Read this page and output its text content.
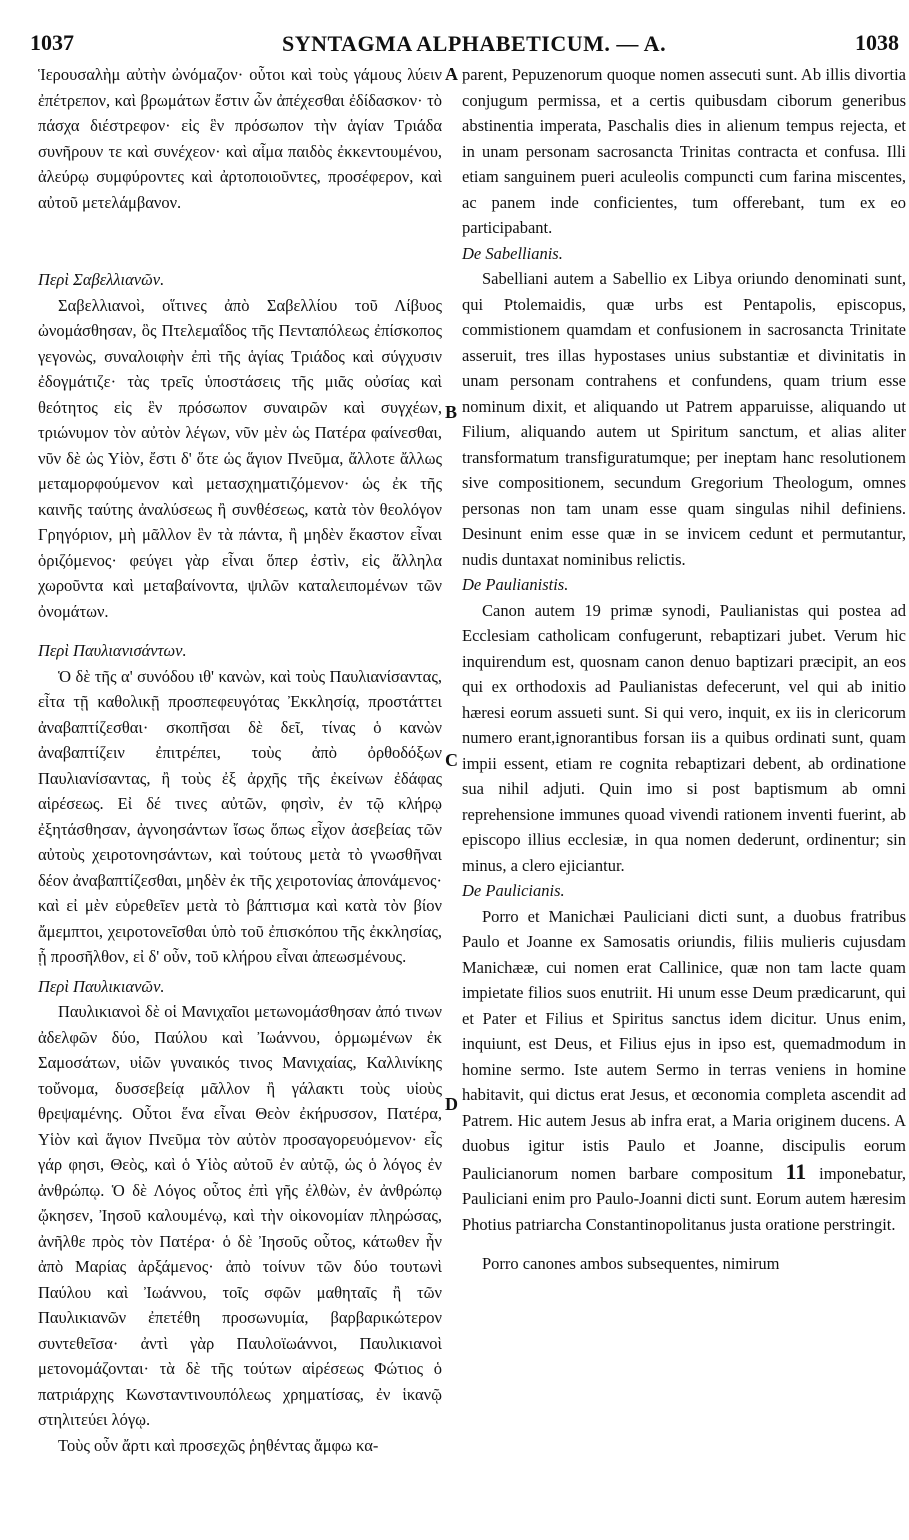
1037	SYNTAGMA ALPHABETICUM. — A.	1038

Ἱερουσαλὴμ αὐτὴν ὠνόμαζον· οὗτοι καὶ τοὺς γάμους λύειν ἐπέτρεπον, καὶ βρωμάτων ἔστιν ὧν ἀπέχεσθαι ἐδίδασκον· τὸ πάσχα διέστρεφον· εἰς ἓν πρόσωπον τὴν ἁγίαν Τριάδα συνῆρουν τε καὶ συνέχεον· καὶ αἷμα παιδὸς ἐκκεντουμένου, ἀλεύρῳ συμφύροντες καὶ ἀρτοποιοῦντες, προσέφερον, καὶ αὐτοῦ μετελάμβανον.

Περὶ Σαβελλιανῶν.

Σαβελλιανοὶ, οἵτινες ἀπὸ Σαβελλίου τοῦ Λίβυος ὠνομάσθησαν, ὃς Πτελεμαΐδος τῆς Πενταπόλεως ἐπίσκοπος γεγονὼς, συναλοιφὴν ἐπὶ τῆς ἁγίας Τριάδος καὶ σύγχυσιν ἐδογμάτιζε· τὰς τρεῖς ὑποστάσεις τῆς μιᾶς οὐσίας καὶ θεότητος εἰς ἓν πρόσωπον συναιρῶν καὶ συγχέων, τριώνυμον τὸν αὐτὸν λέγων, νῦν μὲν ὡς Πατέρα φαίνεσθαι, νῦν δὲ ὡς Υἱὸν, ἔστι δ' ὅτε ὡς ἅγιον Πνεῦμα, ἄλλοτε ἄλλως μεταμορφούμενον καὶ μετασχηματιζόμενον· ὡς ἐκ τῆς καινῆς ταύτης ἀναλύσεως ἢ συνθέσεως, κατὰ τὸν θεολόγον Γρηγόριον, μὴ μᾶλλον ἓν τὰ πάντα, ἢ μηδὲν ἕκαστον εἶναι ὁριζόμενος· φεύγει γὰρ εἶναι ὅπερ ἐστὶν, εἰς ἄλληλα χωροῦντα καὶ μεταβαίνοντα, ψιλῶν καταλειπομένων τῶν ὀνομάτων.

Περὶ Παυλιανισάντων.

Ὁ δὲ τῆς α' συνόδου ιθ' κανὼν, καὶ τοὺς Παυλιανίσαντας, εἶτα τῇ καθολικῇ προσπεφευγότας Ἐκκλησίᾳ, προστάττει ἀναβαπτίζεσθαι· σκοπῆσαι δὲ δεῖ, τίνας ὁ κανὼν ἀναβαπτίζειν ἐπιτρέπει, τοὺς ἀπὸ ὀρθοδόξων Παυλιανίσαντας, ἢ τοὺς ἐξ ἀρχῆς τῆς ἐκείνων ἐδάφας αἱρέσεως. Εἰ δέ τινες αὐτῶν, φησὶν, ἐν τῷ κλήρῳ ἐξητάσθησαν, ἀγνοησάντων ἴσως ὅπως εἶχον ἀσεβείας τῶν αὐτοὺς χειροτονησάντων, καὶ τούτους μετὰ τὸ γνωσθῆναι δέον ἀναβαπτίζεσθαι, μηδὲν ἐκ τῆς χειροτονίας ἀπονάμενος· καὶ εἰ μὲν εὑρεθεῖεν μετὰ τὸ βάπτισμα καὶ κατὰ τὸν βίον ἄμεμπτοι, χειροτονεῖσθαι ὑπὸ τοῦ ἐπισκόπου τῆς ἐκκλησίας, ᾗ προσῆλθον, εἰ δ' οὖν, τοῦ κλήρου εἶναι ἀπεωσμένους.

Περὶ Παυλικιανῶν.

Παυλικιανοὶ δὲ οἱ Μανιχαῖοι μετωνομάσθησαν ἀπό τινων ἀδελφῶν δύο, Παύλου καὶ Ἰωάννου, ὁρμωμένων ἐκ Σαμοσάτων, υἱῶν γυναικός τινος Μανιχαίας, Καλλινίκης τοὔνομα, δυσσεβείᾳ μᾶλλον ἢ γάλακτι τοὺς υἱοὺς θρεψαμένης. Οὗτοι ἕνα εἶναι Θεὸν ἐκήρυσσον, Πατέρα, Υἱὸν καὶ ἅγιον Πνεῦμα τὸν αὐτὸν προσαγορευόμενον· εἷς γάρ φησι, Θεὸς, καὶ ὁ Υἱὸς αὐτοῦ ἐν αὐτῷ, ὡς ὁ λόγος ἐν ἀνθρώπῳ. Ὁ δὲ Λόγος οὗτος ἐπὶ γῆς ἐλθὼν, ἐν ἀνθρώπῳ ᾤκησεν, Ἰησοῦ καλουμένῳ, καὶ τὴν οἰκονομίαν πληρώσας, ἀνῆλθε πρὸς τὸν Πατέρα· ὁ δὲ Ἰησοῦς οὗτος, κάτωθεν ἦν ἀπὸ Μαρίας ἀρξάμενος· ἀπὸ τοίνυν τῶν δύο τουτωνὶ Παύλου καὶ Ἰωάννου, τοῖς σφῶν μαθηταῖς ἢ τῶν Παυλικιανῶν ἐπετέθη προσωνυμία, βαρβαρικώτερον συντεθεῖσα· ἀντὶ γὰρ Παυλοϊωάννοι, Παυλικιανοὶ μετονομάζονται· τὰ δὲ τῆς τούτων αἱρέσεως Φώτιος ὁ πατριάρχης Κωνσταντινουπόλεως χρηματίσας, ἐν ἱκανῷ στηλιτεύει λόγῳ.

Τοὺς οὖν ἄρτι καὶ προσεχῶς ῥηθέντας ἄμφω κα-

A
B
C
D

parent, Pepuzenorum quoque nomen assecuti sunt. Ab illis divortia conjugum permissa, et a certis quibusdam ciborum generibus abstinentia imperata, Paschalis dies in alienum tempus rejecta, et in unam personam sacrosancta Trinitas contracta et confusa. Illi etiam sanguinem pueri aculeolis compuncti cum farina miscentes, ac panem inde conficientes, tum offerebant, tum ex eo participabant.

De Sabellianis.

Sabelliani autem a Sabellio ex Libya oriundo denominati sunt, qui Ptolemaidis, quæ urbs est Pentapolis, episcopus, commistionem quamdam et confusionem in sacrosancta Trinitate asseruit, tres illas hypostases unius substantiæ et divinitatis in unam personam contrahens et confundens, quam trium esse nominum dixit, et aliquando ut Patrem apparuisse, aliquando ut Filium, aliquando autem ut Spiritum sanctum, et alias aliter transformatum transfiguratumque; per ineptam hanc resolutionem sive compositionem, secundum Gregorium Theologum, omnes personas non tam unam esse quam singulas nihil definiens. Desinunt enim esse quæ in se invicem cedunt et permutantur, nudis duntaxat nominibus relictis.

De Paulianistis.

Canon autem 19 primæ synodi, Paulianistas qui postea ad Ecclesiam catholicam confugerunt, rebaptizari jubet. Verum hic inquirendum est, quosnam canon denuo baptizari præcipit, an eos qui ex orthodoxis ad Paulianistas defecerunt, vel qui ab initio hæresi eorum assueti sunt. Si qui vero, inquit, ex iis in clericorum numero erant,ignorantibus forsan iis a quibus ordinati sunt, quam impii essent, etiam re cognita rebaptizari debent, ab ordinatione sua nihil adjuti. Quin imo si post baptismum ab omni reprehensione immunes quoad vivendi rationem inventi fuerint, ab episcopo illius ecclesiæ, in qua nomen dederunt, ordinentur; sin minus, a clero ejiciantur.

De Paulicianis.

Porro et Manichæi Pauliciani dicti sunt, a duobus fratribus Paulo et Joanne ex Samosatis oriundis, filiis mulieris cujusdam Manichææ, cui nomen erat Callinice, quæ non tam lacte quam impietate filios suos enutriit. Hi unum esse Deum prædicarunt, qui et Pater et Filius et Spiritus sanctus idem dicitur. Unus enim, inquiunt, est Deus, et Filius ejus in ipso est, quemadmodum in homine sermo. Iste autem Sermo in terras veniens in homine habitavit, qui dictus erat Jesus, et œconomia completa ascendit ad Patrem. Hic autem Jesus ab infra erat, a Maria originem ducens. A duobus igitur istis Paulo et Joanne, discipulis eorum Paulicianorum nomen barbare compositum 11 imponebatur, Pauliciani enim pro Paulo-Joanni dicti sunt. Eorum autem hæresim Photius patriarcha Constantinopolitanus justa oratione perstringit.

Porro canones ambos subsequentes, nimirum
